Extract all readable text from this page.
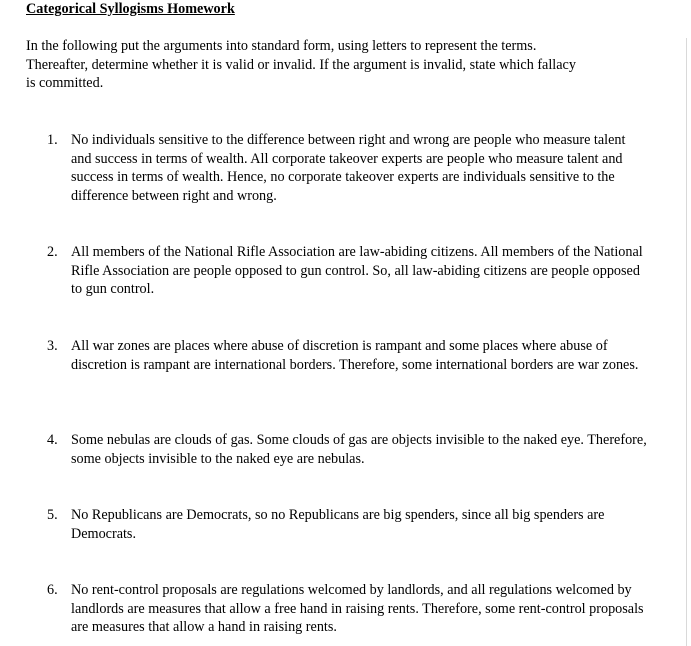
Categorical Syllogisms Homework

In the following put the arguments into standard form, using letters to represent the terms. Thereafter, determine whether it is valid or invalid. If the argument is invalid, state which fallacy is committed.

1. No individuals sensitive to the difference between right and wrong are people who measure talent and success in terms of wealth. All corporate takeover experts are people who measure talent and success in terms of wealth. Hence, no corporate takeover experts are individuals sensitive to the difference between right and wrong.
2. All members of the National Rifle Association are law-abiding citizens. All members of the National Rifle Association are people opposed to gun control. So, all law-abiding citizens are people opposed to gun control.
3. All war zones are places where abuse of discretion is rampant and some places where abuse of discretion is rampant are international borders. Therefore, some international borders are war zones.
4. Some nebulas are clouds of gas. Some clouds of gas are objects invisible to the naked eye. Therefore, some objects invisible to the naked eye are nebulas.
5. No Republicans are Democrats, so no Republicans are big spenders, since all big spenders are Democrats.
6. No rent-control proposals are regulations welcomed by landlords, and all regulations welcomed by landlords are measures that allow a free hand in raising rents. Therefore, some rent-control proposals are measures that allow a hand in raising rents.
